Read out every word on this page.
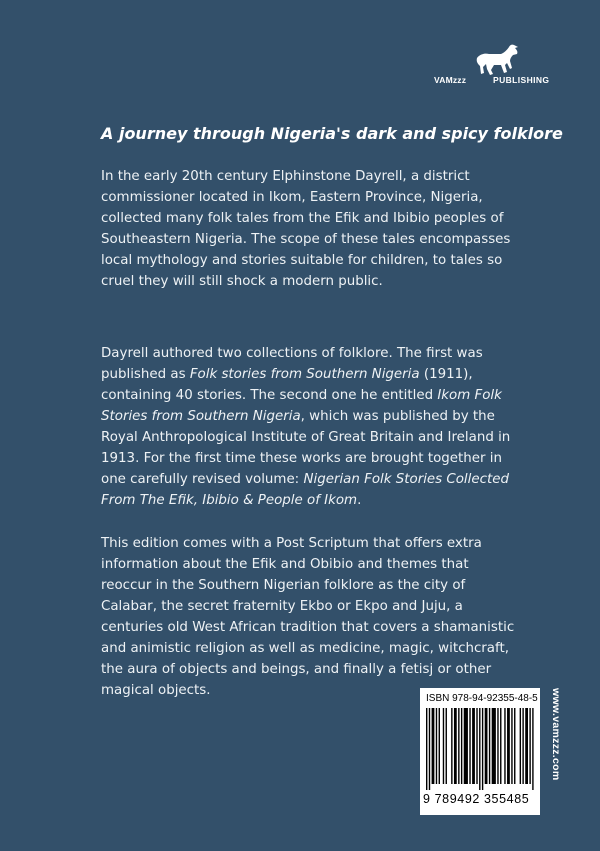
VAMzzz	PUBLISHING
A journey through Nigeria's dark and spicy folklore

In the early 20th century Elphinstone Dayrell, a district commissioner located in Ikom, Eastern Province, Nigeria, collected many folk tales from the Efik and Ibibio peoples of Southeastern Nigeria. The scope of these tales encompasses local mythology and stories suitable for children, to tales so cruel they will still shock a modern public.

Dayrell authored two collections of folklore. The first was published as Folk stories from Southern Nigeria (1911), containing 40 stories. The second one he entitled Ikom Folk Stories from Southern Nigeria, which was published by the Royal Anthropological Institute of Great Britain and Ireland in 1913. For the first time these works are brought together in one carefully revised volume: Nigerian Folk Stories Collected From The Efik, Ibibio & People of Ikom.

This edition comes with a Post Scriptum that offers extra information about the Efik and Obibio and themes that reoccur in the Southern Nigerian folklore as the city of Calabar, the secret fraternity Ekbo or Ekpo and Juju, a centuries old West African tradition that covers a shamanistic and animistic religion as well as medicine, magic, witchcraft, the aura of objects and beings, and finally a fetisj or other magical objects.

ISBN 978-94-92355-48-5
9 789492 355485
www.vamzzz.com
